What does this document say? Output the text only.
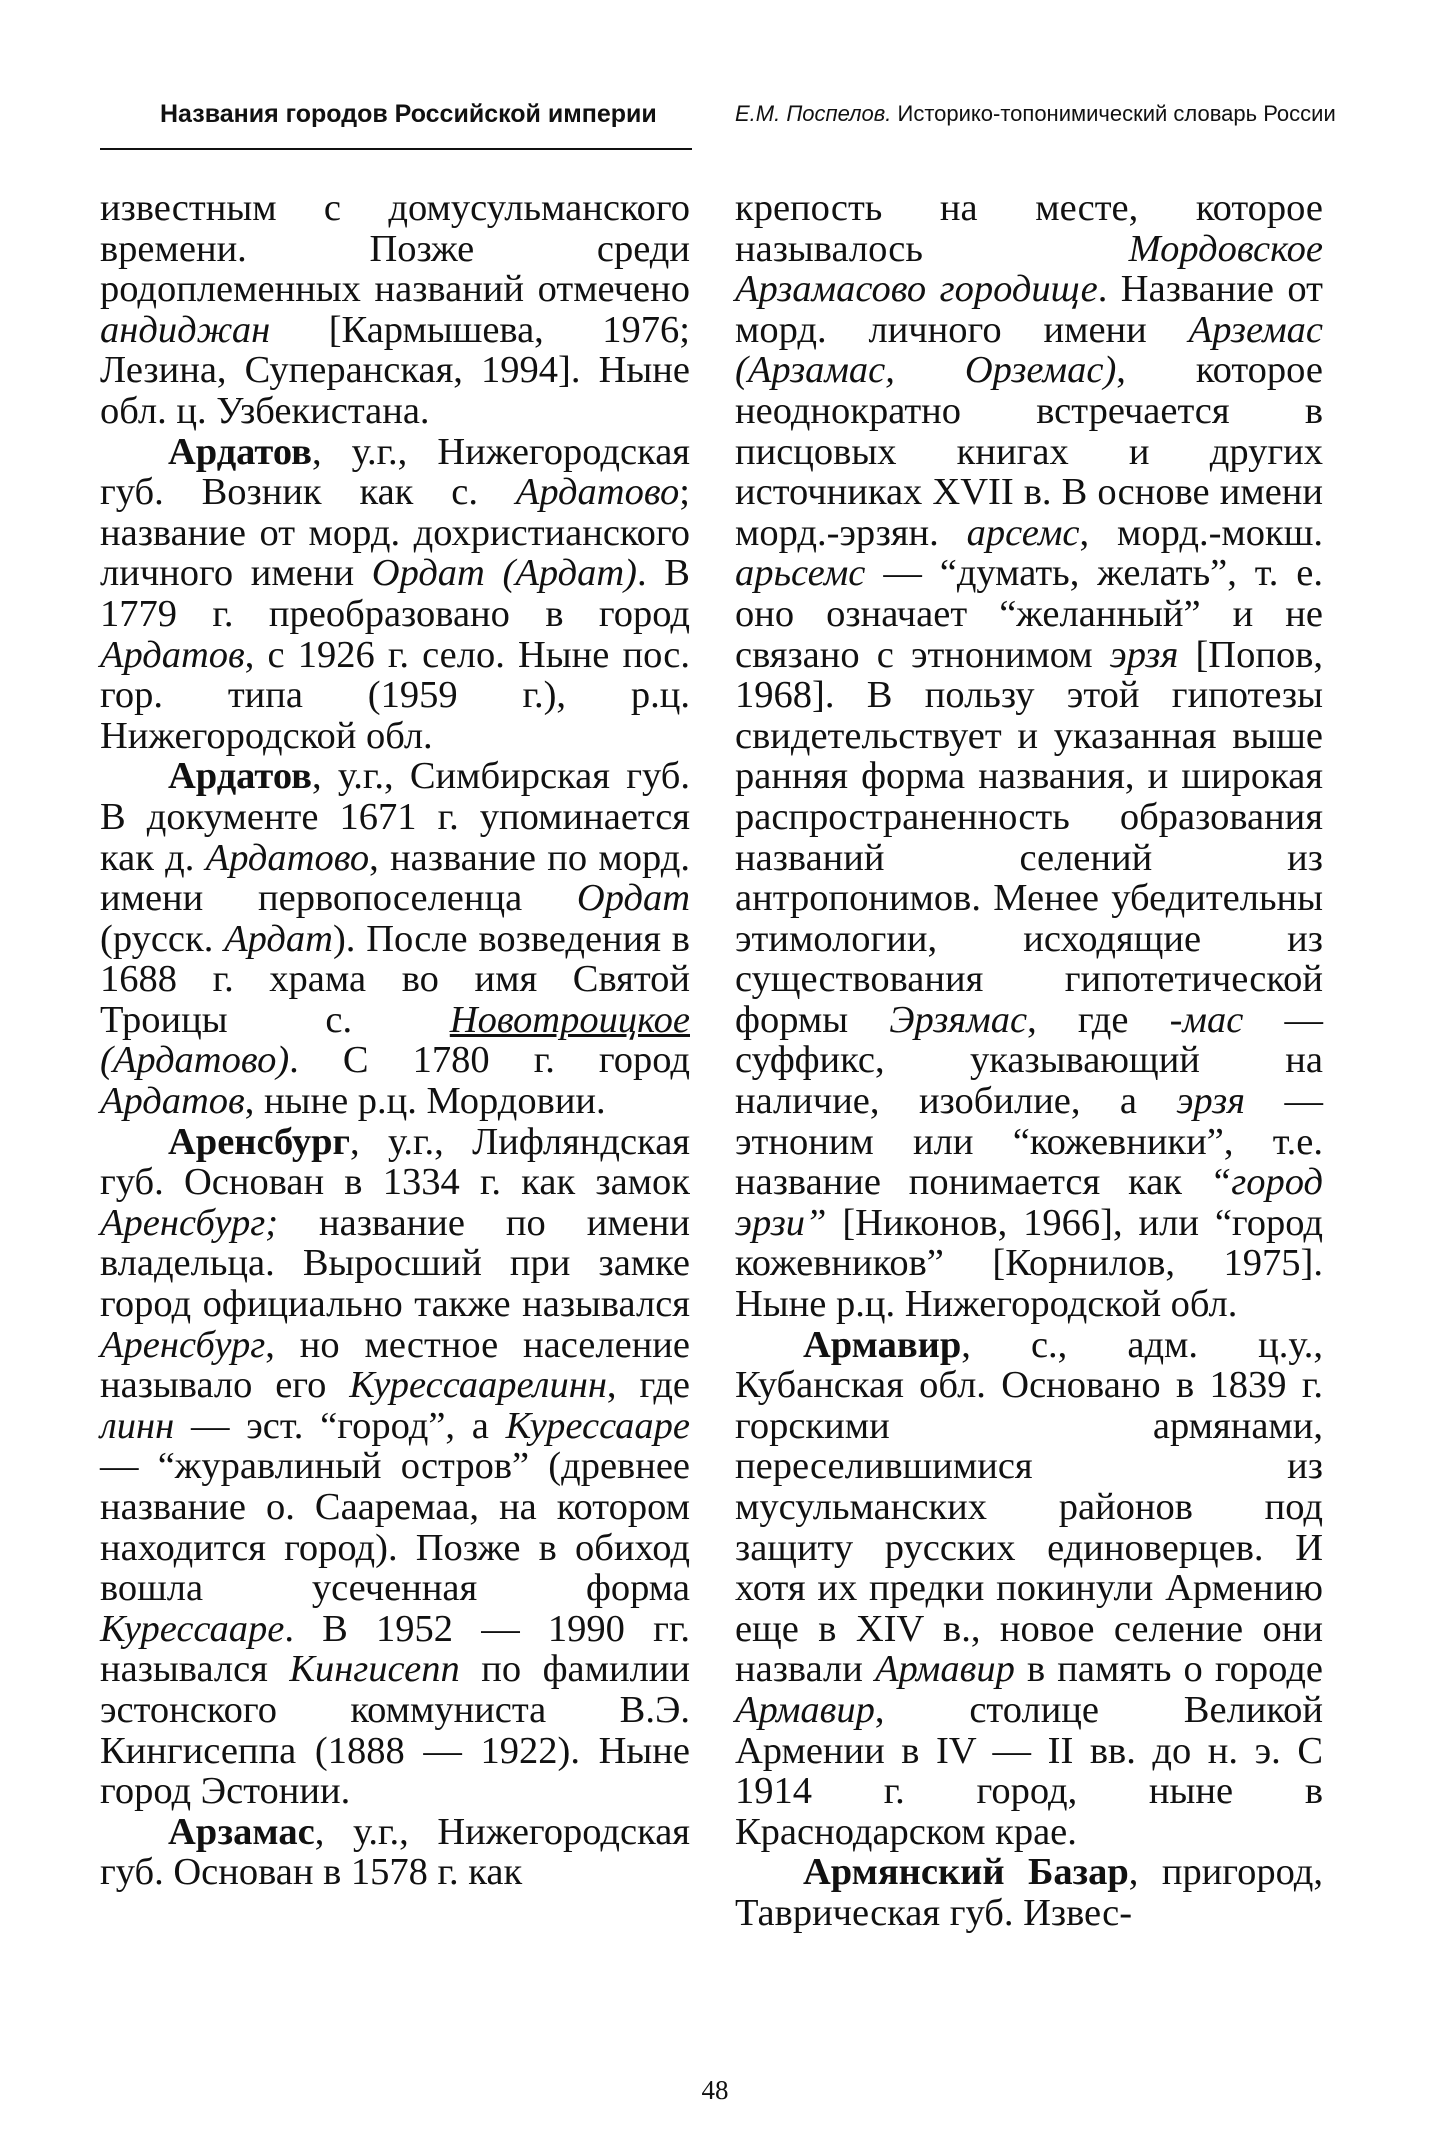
Названия городов Российской империи	Е.М. Поспелов. Историко-топонимический словарь России

известным с домусульманского времени. Позже среди родоплеменных названий отмечено андиджан [Кармышева, 1976; Лезина, Суперанская, 1994]. Ныне обл. ц. Узбекистана.

Ардатов, у.г., Нижегородская губ. Возник как с. Ардатово; название от морд. дохристианского личного имени Ордат (Ардат). В 1779 г. преобразовано в город Ардатов, с 1926 г. село. Ныне пос. гор. типа (1959 г.), р.ц. Нижегородской обл.

Ардатов, у.г., Симбирская губ. В документе 1671 г. упоминается как д. Ардатово, название по морд. имени первопоселенца Ордат (русск. Ардат). После возведения в 1688 г. храма во имя Святой Троицы с. Новотроицкое (Ардатово). С 1780 г. город Ардатов, ныне р.ц. Мордовии.

Аренсбург, у.г., Лифляндская губ. Основан в 1334 г. как замок Аренсбург; название по имени владельца. Выросший при замке город официально также назывался Аренсбург, но местное население называло его Курессаарелинн, где линн — эст. “город”, а Курессааре — “журавлиный остров” (древнее название о. Сааремаа, на котором находится город). Позже в обиход вошла усеченная форма Курессааре. В 1952 — 1990 гг. назывался Кингисепп по фамилии эстонского коммуниста В.Э. Кингисеппа (1888 — 1922). Ныне город Эстонии.

Арзамас, у.г., Нижегородская губ. Основан в 1578 г. как

крепость на месте, которое называлось Мордовское Арзамасово городище. Название от морд. личного имени Арземас (Арзамас, Орземас), которое неоднократно встречается в писцовых книгах и других источниках XVII в. В основе имени морд.-эрзян. арсемс, морд.-мокш. арьсемс — “думать, желать”, т. е. оно означает “желанный” и не связано с этнонимом эрзя [Попов, 1968]. В пользу этой гипотезы свидетельствует и указанная выше ранняя форма названия, и широкая распространенность образования названий селений из антропонимов. Менее убедительны этимологии, исходящие из существования гипотетической формы Эрзямас, где -мас — суффикс, указывающий на наличие, изобилие, а эрзя — этноним или “кожевники”, т.е. название понимается как “город эрзи” [Никонов, 1966], или “город кожевников” [Корнилов, 1975]. Ныне р.ц. Нижегородской обл.

Армавир, с., адм. ц.у., Кубанская обл. Основано в 1839 г. горскими армянами, переселившимися из мусульманских районов под защиту русских единоверцев. И хотя их предки покинули Армению еще в XIV в., новое селение они назвали Армавир в память о городе Армавир, столице Великой Армении в IV — II вв. до н. э. С 1914 г. город, ныне в Краснодарском крае.

Армянский Базар, пригород, Таврическая губ. Извес-

48
